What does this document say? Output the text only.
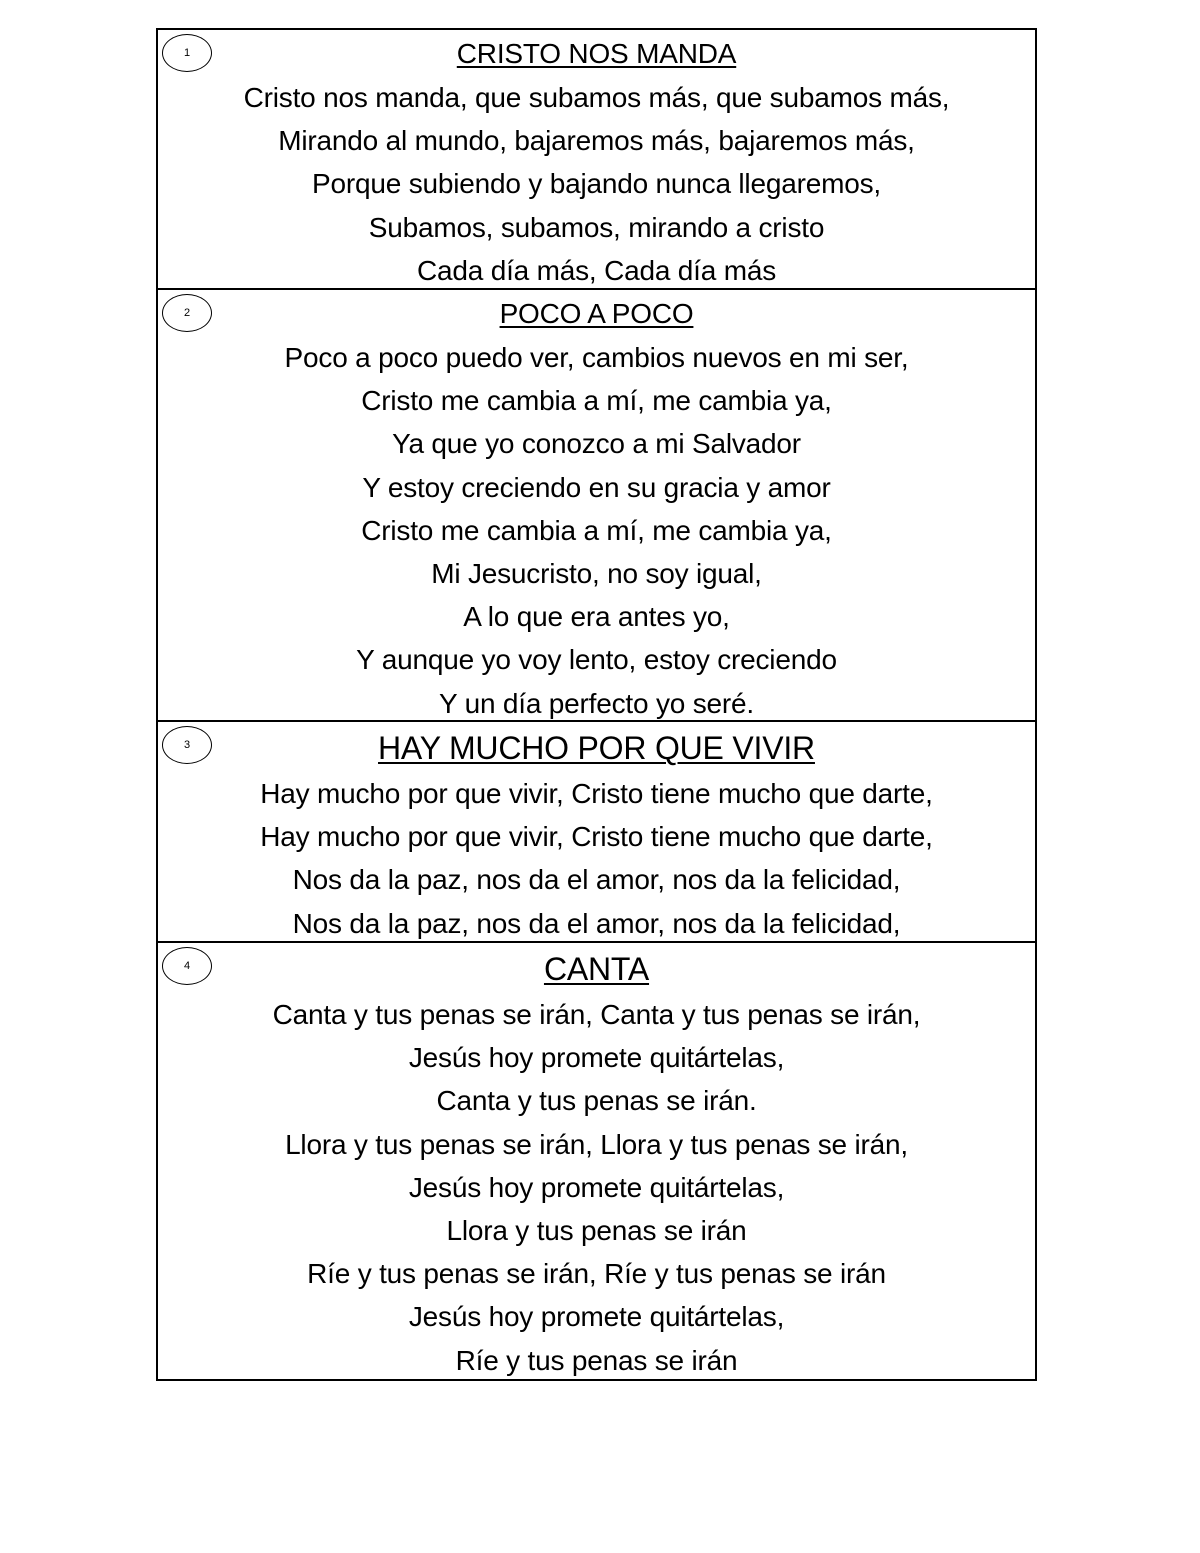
1	CRISTO NOS MANDA
Cristo nos manda, que subamos más, que subamos más,
Mirando al mundo, bajaremos más, bajaremos más,
Porque subiendo y bajando nunca llegaremos,
Subamos, subamos, mirando a cristo
Cada día más, Cada día más
2	POCO A POCO
Poco a poco puedo ver, cambios nuevos en mi ser,
Cristo me cambia a mí, me cambia ya,
Ya que yo conozco a mi Salvador
Y estoy creciendo en su gracia y amor
Cristo me cambia a mí, me cambia ya,
Mi Jesucristo, no soy igual,
A lo que era antes yo,
Y aunque yo voy lento, estoy creciendo
Y un día perfecto yo seré.
3	HAY MUCHO POR QUE VIVIR
Hay mucho por que vivir, Cristo tiene mucho que darte,
Hay mucho por que vivir, Cristo tiene mucho que darte,
Nos da la paz, nos da el amor, nos da la felicidad,
Nos da la paz, nos da el amor, nos da la felicidad,
4	CANTA
Canta y tus penas se irán, Canta y tus penas se irán,
Jesús hoy promete quitártelas,
Canta y tus penas se irán.
Llora y tus penas se irán, Llora y tus penas se irán,
Jesús hoy promete quitártelas,
Llora y tus penas se irán
Ríe y tus penas se irán, Ríe y tus penas se irán
Jesús hoy promete quitártelas,
Ríe y tus penas se irán
